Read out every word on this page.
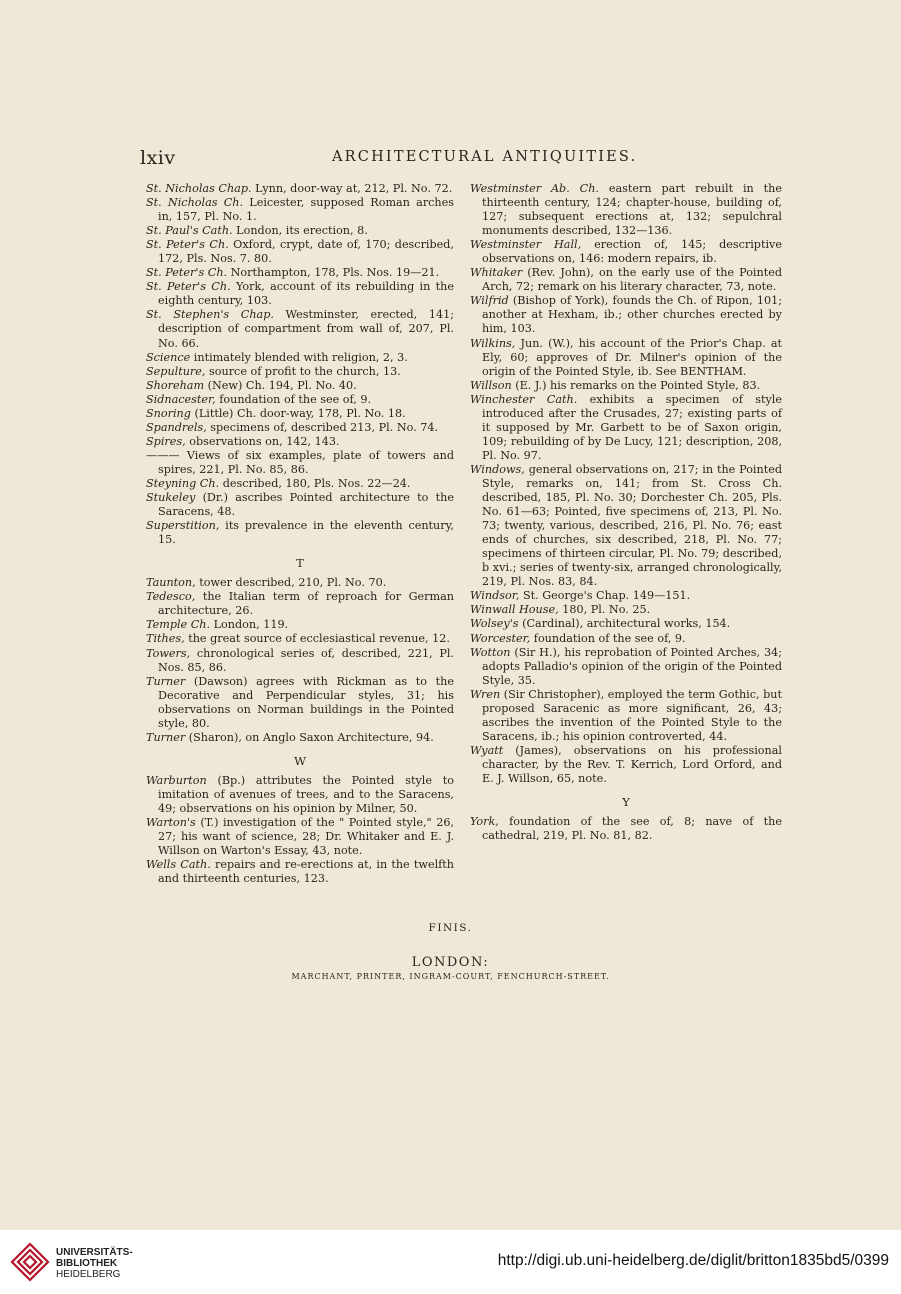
lxiv	ARCHITECTURAL ANTIQUITIES.
St. Nicholas Chap. Lynn, door-way at, 212, Pl. No. 72.
St. Nicholas Ch. Leicester, supposed Roman arches in, 157, Pl. No. 1.
St. Paul's Cath. London, its erection, 8.
St. Peter's Ch. Oxford, crypt, date of, 170; described, 172, Pls. Nos. 7. 80.
St. Peter's Ch. Northampton, 178, Pls. Nos. 19—21.
St. Peter's Ch. York, account of its rebuilding in the eighth century, 103.
St. Stephen's Chap. Westminster, erected, 141; description of compartment from wall of, 207, Pl. No. 66.
Science intimately blended with religion, 2, 3.
Sepulture, source of profit to the church, 13.
Shoreham (New) Ch. 194, Pl. No. 40.
Sidnacester, foundation of the see of, 9.
Snoring (Little) Ch. door-way, 178, Pl. No. 18.
Spandrels, specimens of, described 213, Pl. No. 74.
Spires, observations on, 142, 143.
——— Views of six examples, plate of towers and spires, 221, Pl. No. 85, 86.
Steyning Ch. described, 180, Pls. Nos. 22—24.
Stukeley (Dr.) ascribes Pointed architecture to the Saracens, 48.
Superstition, its prevalence in the eleventh century, 15.
T
Taunton, tower described, 210, Pl. No. 70.
Tedesco, the Italian term of reproach for German architecture, 26.
Temple Ch. London, 119.
Tithes, the great source of ecclesiastical revenue, 12.
Towers, chronological series of, described, 221, Pl. Nos. 85, 86.
Turner (Dawson) agrees with Rickman as to the Decorative and Perpendicular styles, 31; his observations on Norman buildings in the Pointed style, 80.
Turner (Sharon), on Anglo Saxon Architecture, 94.
W
Warburton (Bp.) attributes the Pointed style to imitation of avenues of trees, and to the Saracens, 49; observations on his opinion by Milner, 50.
Warton's (T.) investigation of the " Pointed style," 26, 27; his want of science, 28; Dr. Whitaker and E. J. Willson on Warton's Essay, 43, note.
Wells Cath. repairs and re-erections at, in the twelfth and thirteenth centuries, 123.
Westminster Ab. Ch. eastern part rebuilt in the thirteenth century, 124; chapter-house, building of, 127; subsequent erections at, 132; sepulchral monuments described, 132—136.
Westminster Hall, erection of, 145; descriptive observations on, 146: modern repairs, ib.
Whitaker (Rev. John), on the early use of the Pointed Arch, 72; remark on his literary character, 73, note.
Wilfrid (Bishop of York), founds the Ch. of Ripon, 101; another at Hexham, ib.; other churches erected by him, 103.
Wilkins, Jun. (W.), his account of the Prior's Chap. at Ely, 60; approves of Dr. Milner's opinion of the origin of the Pointed Style, ib. See BENTHAM.
Willson (E. J.) his remarks on the Pointed Style, 83.
Winchester Cath. exhibits a specimen of style introduced after the Crusades, 27; existing parts of it supposed by Mr. Garbett to be of Saxon origin, 109; rebuilding of by De Lucy, 121; description, 208, Pl. No. 97.
Windows, general observations on, 217; in the Pointed Style, remarks on, 141; from St. Cross Ch. described, 185, Pl. No. 30; Dorchester Ch. 205, Pls. No. 61—63; Pointed, five specimens of, 213, Pl. No. 73; twenty, various, described, 216, Pl. No. 76; east ends of churches, six described, 218, Pl. No. 77; specimens of thirteen circular, Pl. No. 79; described, b xvi.; series of twenty-six, arranged chronologically, 219, Pl. Nos. 83, 84.
Windsor, St. George's Chap. 149—151.
Winwall House, 180, Pl. No. 25.
Wolsey's (Cardinal), architectural works, 154.
Worcester, foundation of the see of, 9.
Wotton (Sir H.), his reprobation of Pointed Arches, 34; adopts Palladio's opinion of the origin of the Pointed Style, 35.
Wren (Sir Christopher), employed the term Gothic, but proposed Saracenic as more significant, 26, 43; ascribes the invention of the Pointed Style to the Saracens, ib.; his opinion controverted, 44.
Wyatt (James), observations on his professional character, by the Rev. T. Kerrich, Lord Orford, and E. J. Willson, 65, note.
Y
York, foundation of the see of, 8; nave of the cathedral, 219, Pl. No. 81, 82.
FINIS.
LONDON:
MARCHANT, PRINTER, INGRAM-COURT, FENCHURCH-STREET.
UNIVERSITÄTS-
BIBLIOTHEK
HEIDELBERG
http://digi.ub.uni-heidelberg.de/diglit/britton1835bd5/0399
